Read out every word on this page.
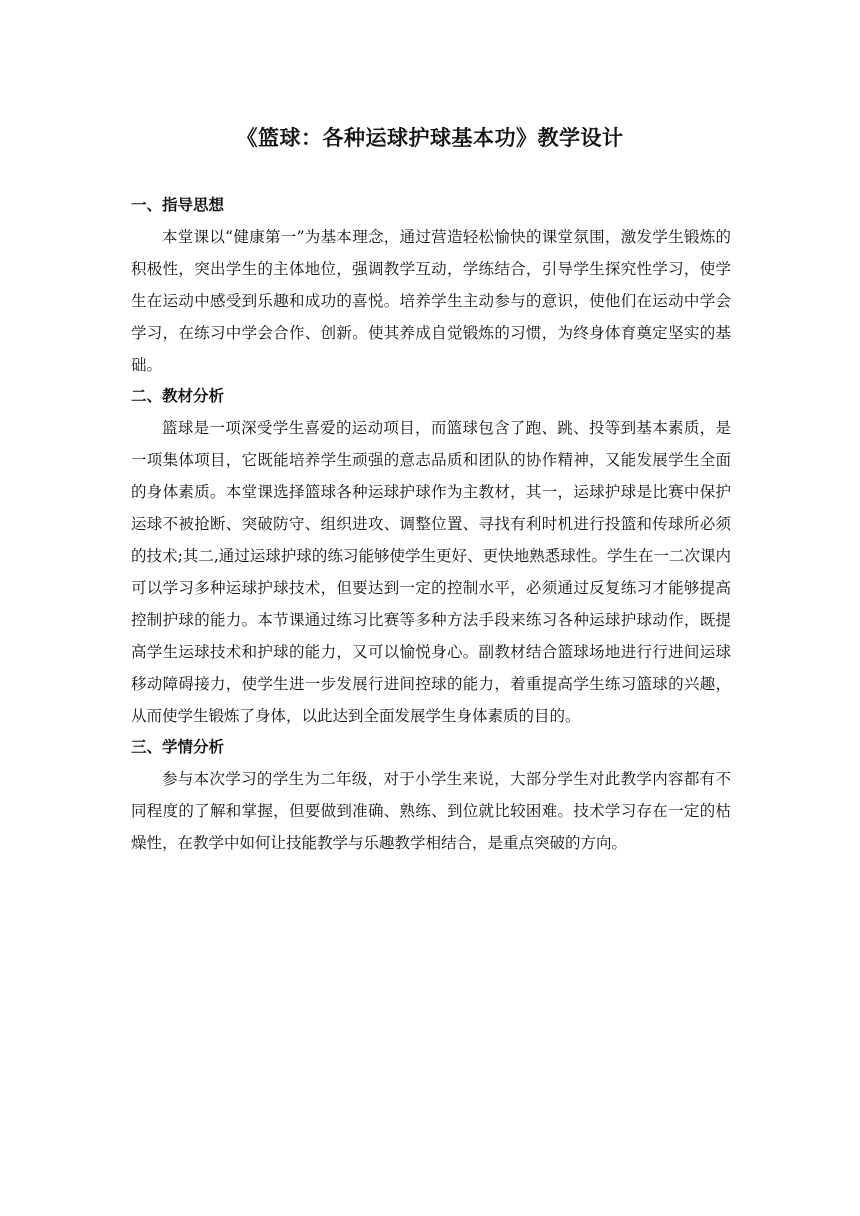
《篮球：各种运球护球基本功》教学设计
一、指导思想

本堂课以“健康第一”为基本理念，通过营造轻松愉快的课堂氛围，激发学生锻炼的积极性，突出学生的主体地位，强调教学互动，学练结合，引导学生探究性学习，使学生在运动中感受到乐趣和成功的喜悦。培养学生主动参与的意识，使他们在运动中学会学习，在练习中学会合作、创新。使其养成自觉锻炼的习惯，为终身体育奠定坚实的基础。

二、教材分析

篮球是一项深受学生喜爱的运动项目，而篮球包含了跑、跳、投等到基本素质，是一项集体项目，它既能培养学生顽强的意志品质和团队的协作精神，又能发展学生全面的身体素质。本堂课选择篮球各种运球护球作为主教材，其一，运球护球是比赛中保护运球不被抢断、突破防守、组织进攻、调整位置、寻找有利时机进行投篮和传球所必须的技术;其二,通过运球护球的练习能够使学生更好、更快地熟悉球性。学生在一二次课内可以学习多种运球护球技术，但要达到一定的控制水平，必须通过反复练习才能够提高控制护球的能力。本节课通过练习比赛等多种方法手段来练习各种运球护球动作，既提高学生运球技术和护球的能力，又可以愉悦身心。副教材结合篮球场地进行行进间运球移动障碍接力，使学生进一步发展行进间控球的能力，着重提高学生练习篮球的兴趣，从而使学生锻炼了身体，以此达到全面发展学生身体素质的目的。

三、学情分析

参与本次学习的学生为二年级，对于小学生来说，大部分学生对此教学内容都有不同程度的了解和掌握，但要做到准确、熟练、到位就比较困难。技术学习存在一定的枯燥性，在教学中如何让技能教学与乐趣教学相结合，是重点突破的方向。
